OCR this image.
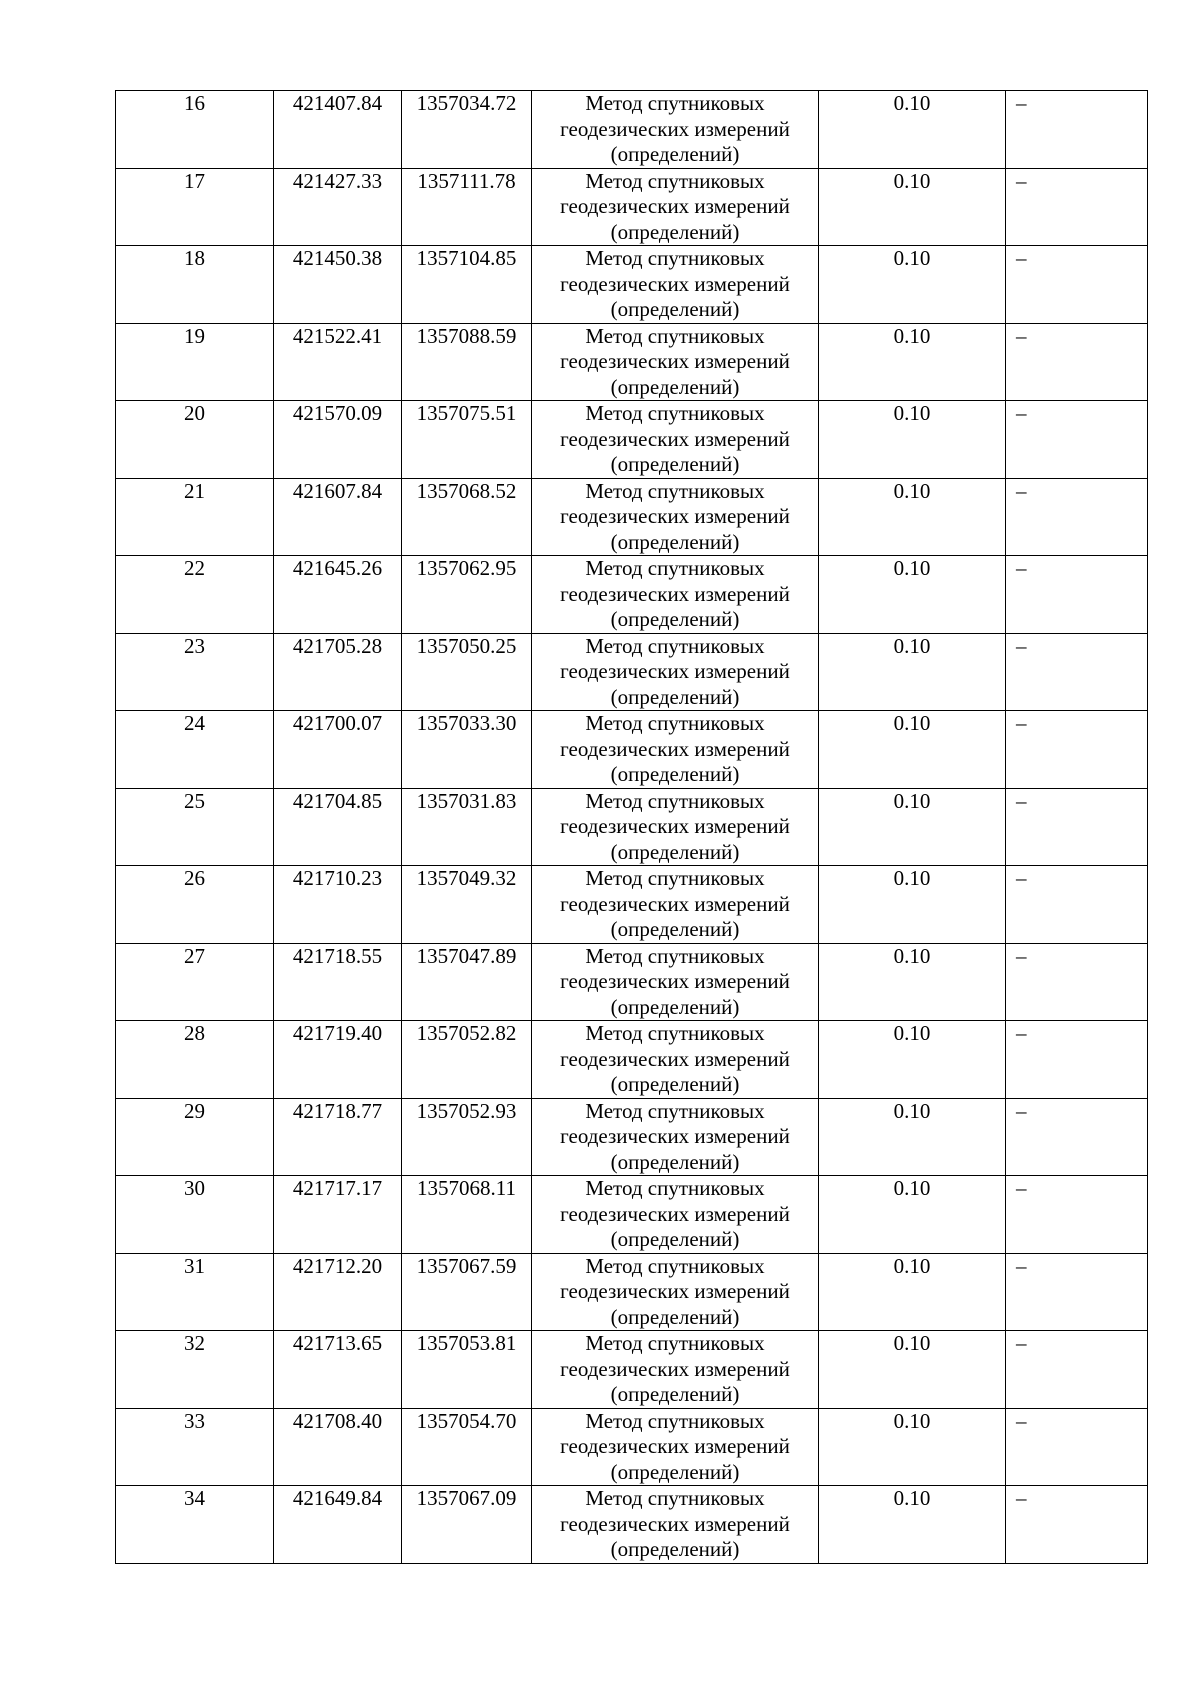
16	421407.84	1357034.72	Метод спутниковых геодезических измерений (определений)	0.10	–
17	421427.33	1357111.78	Метод спутниковых геодезических измерений (определений)	0.10	–
18	421450.38	1357104.85	Метод спутниковых геодезических измерений (определений)	0.10	–
19	421522.41	1357088.59	Метод спутниковых геодезических измерений (определений)	0.10	–
20	421570.09	1357075.51	Метод спутниковых геодезических измерений (определений)	0.10	–
21	421607.84	1357068.52	Метод спутниковых геодезических измерений (определений)	0.10	–
22	421645.26	1357062.95	Метод спутниковых геодезических измерений (определений)	0.10	–
23	421705.28	1357050.25	Метод спутниковых геодезических измерений (определений)	0.10	–
24	421700.07	1357033.30	Метод спутниковых геодезических измерений (определений)	0.10	–
25	421704.85	1357031.83	Метод спутниковых геодезических измерений (определений)	0.10	–
26	421710.23	1357049.32	Метод спутниковых геодезических измерений (определений)	0.10	–
27	421718.55	1357047.89	Метод спутниковых геодезических измерений (определений)	0.10	–
28	421719.40	1357052.82	Метод спутниковых геодезических измерений (определений)	0.10	–
29	421718.77	1357052.93	Метод спутниковых геодезических измерений (определений)	0.10	–
30	421717.17	1357068.11	Метод спутниковых геодезических измерений (определений)	0.10	–
31	421712.20	1357067.59	Метод спутниковых геодезических измерений (определений)	0.10	–
32	421713.65	1357053.81	Метод спутниковых геодезических измерений (определений)	0.10	–
33	421708.40	1357054.70	Метод спутниковых геодезических измерений (определений)	0.10	–
34	421649.84	1357067.09	Метод спутниковых геодезических измерений (определений)	0.10	–
